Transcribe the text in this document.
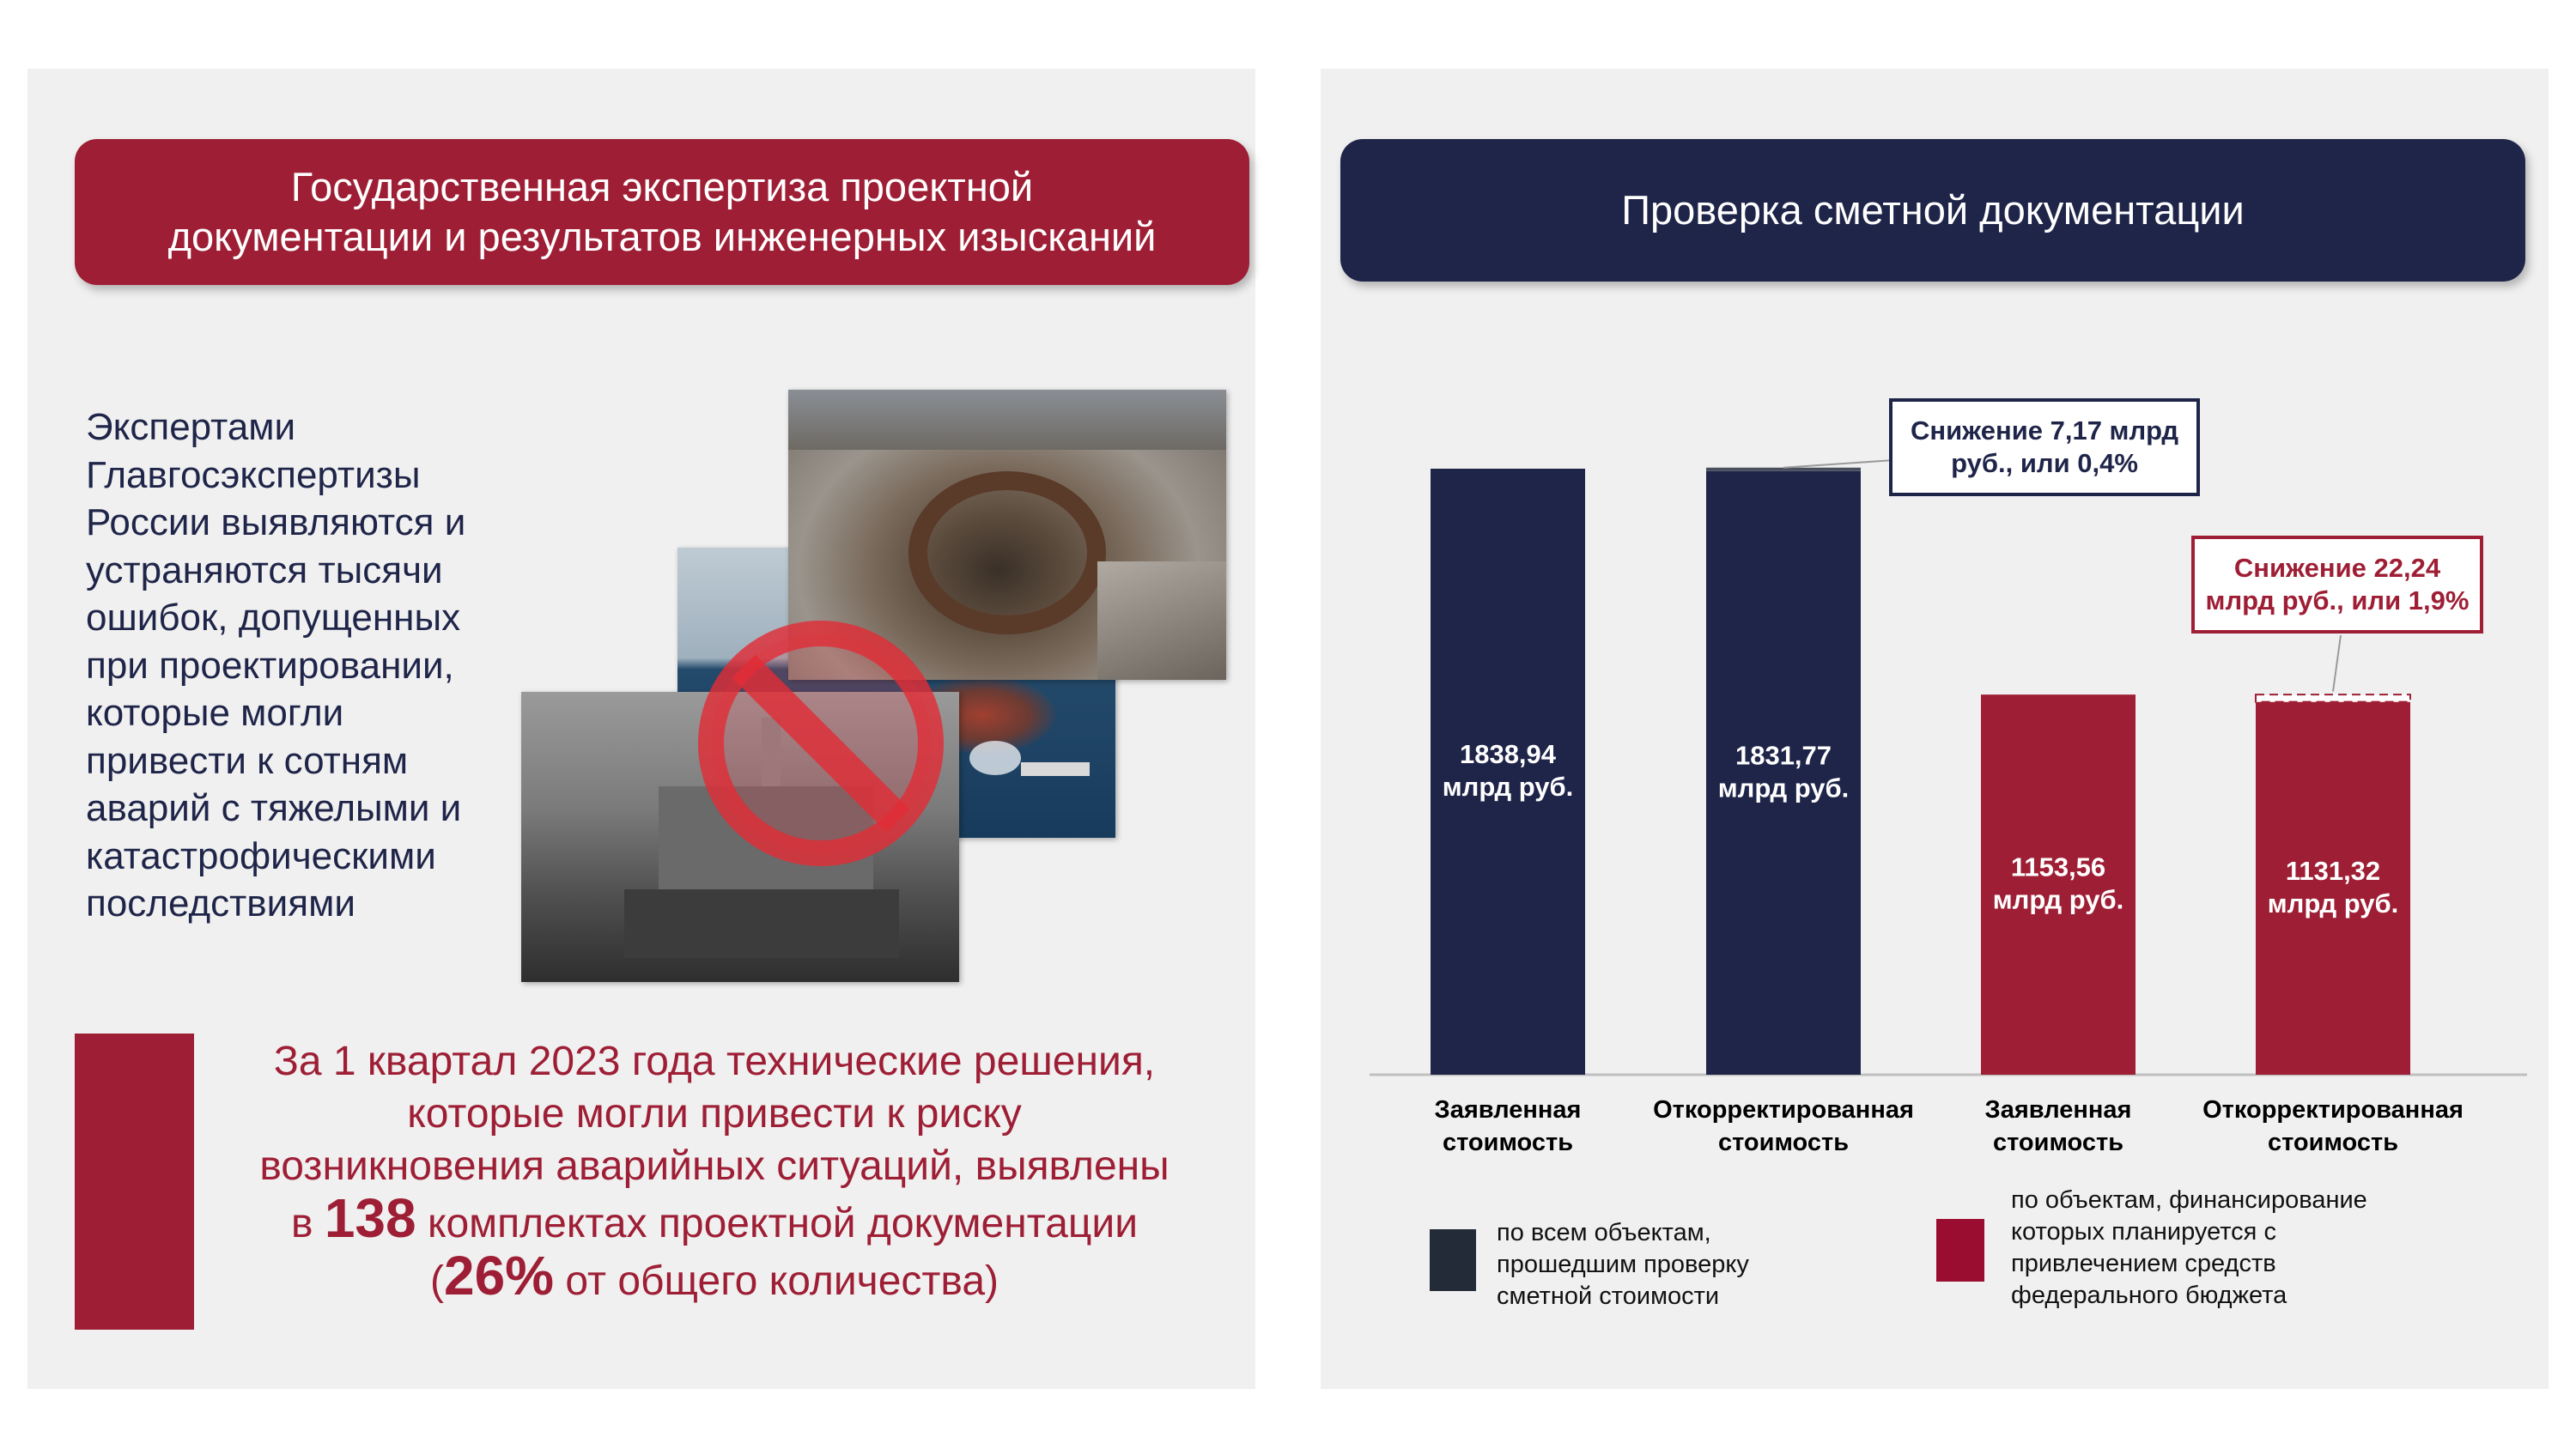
Государственная экспертиза проектной
документации и результатов инженерных изысканий
Экспертами
Главгосэкспертизы
России выявляются и
устраняются тысячи
ошибок, допущенных
при проектировании,
которые могли
привести к сотням
аварий с тяжелыми и
катастрофическими
последствиями
За 1 квартал 2023 года технические решения,
которые могли привести к риску
возникновения аварийных ситуаций, выявлены
в 138 комплектах проектной документации
(26% от общего количества)
Проверка сметной документации
1838,94
млрд руб.
Заявленная
стоимость
1831,77
млрд руб.
Откорректированная
стоимость
1153,56
млрд руб.
Заявленная
стоимость
1131,32
млрд руб.
Откорректированная
стоимость
Снижение 7,17 млрд
руб., или 0,4%
Снижение 22,24
млрд руб., или 1,9%
по всем объектам,
прошедшим проверку
сметной стоимости
по объектам, финансирование
которых планируется с
привлечением средств
федерального бюджета
